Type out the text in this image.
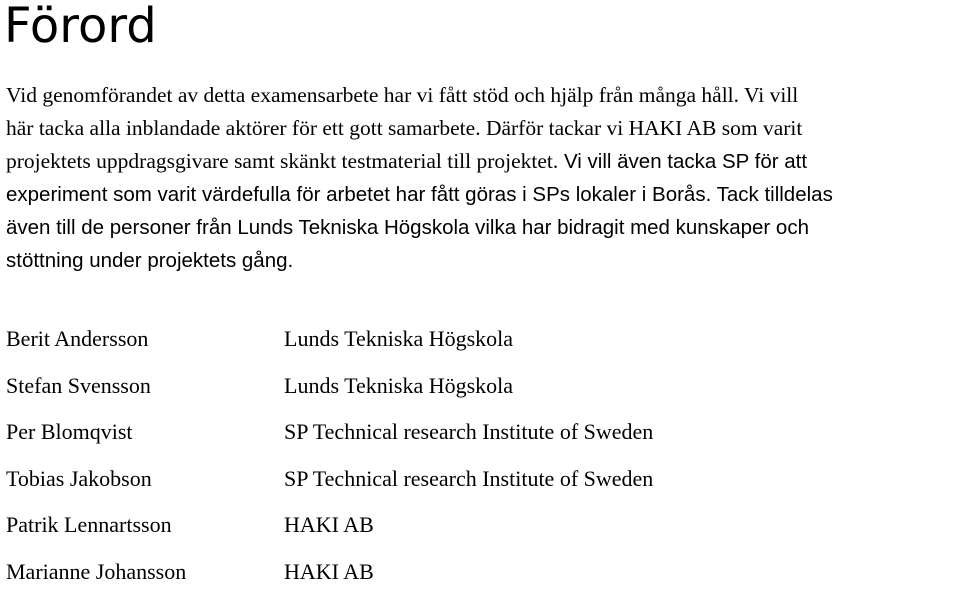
Förord

Vid genomförandet av detta examensarbete har vi fått stöd och hjälp från många håll. Vi vill
här tacka alla inblandade aktörer för ett gott samarbete. Därför tackar vi HAKI AB som varit
projektets uppdragsgivare samt skänkt testmaterial till projektet. Vi vill även tacka SP för att
experiment som varit värdefulla för arbetet har fått göras i SPs lokaler i Borås. Tack tilldelas
även till de personer från Lunds Tekniska Högskola vilka har bidragit med kunskaper och
stöttning under projektets gång.

Berit Andersson	Lunds Tekniska Högskola
Stefan Svensson	Lunds Tekniska Högskola
Per Blomqvist	SP Technical research Institute of Sweden
Tobias Jakobson	SP Technical research Institute of Sweden
Patrik Lennartsson	HAKI AB
Marianne Johansson	HAKI AB
